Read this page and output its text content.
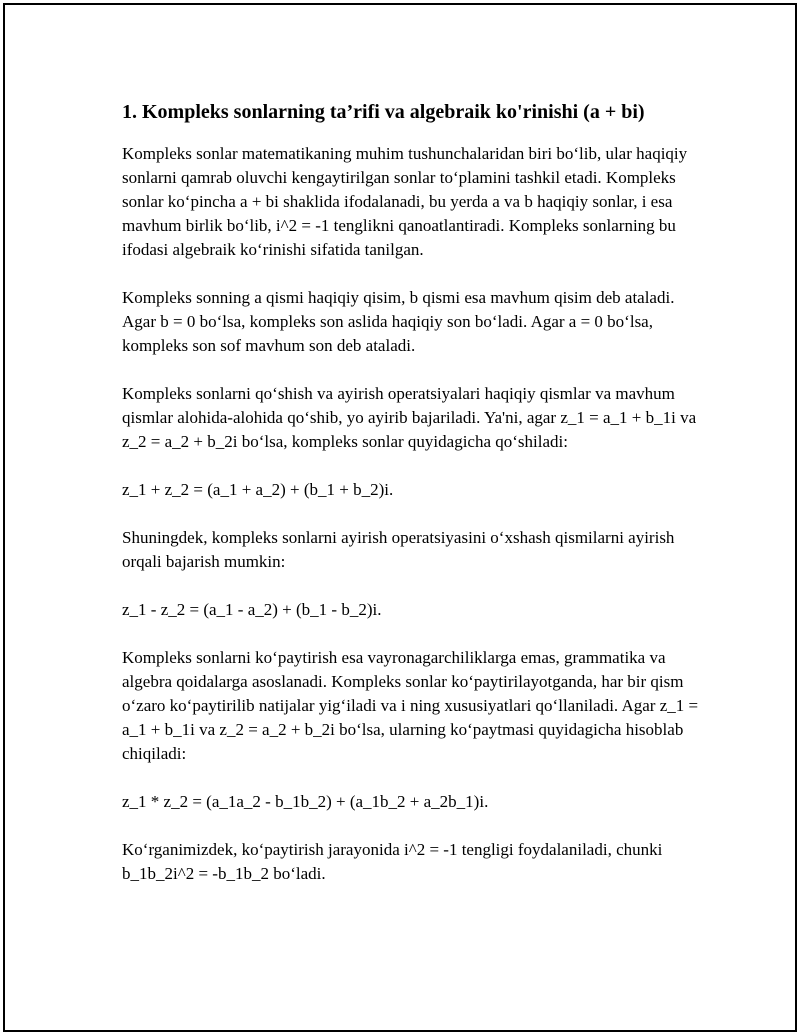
1. Kompleks sonlarning ta’rifi va algebraik ko'rinishi (a + bi)

Kompleks sonlar matematikaning muhim tushunchalaridan biri bo‘lib, ular haqiqiy sonlarni qamrab oluvchi kengaytirilgan sonlar to‘plamini tashkil etadi. Kompleks sonlar ko‘pincha a + bi shaklida ifodalanadi, bu yerda a va b haqiqiy sonlar, i esa mavhum birlik bo‘lib, i^2 = -1 tenglikni qanoatlantiradi. Kompleks sonlarning bu ifodasi algebraik ko‘rinishi sifatida tanilgan.

Kompleks sonning a qismi haqiqiy qisim, b qismi esa mavhum qisim deb ataladi. Agar b = 0 bo‘lsa, kompleks son aslida haqiqiy son bo‘ladi. Agar a = 0 bo‘lsa, kompleks son sof mavhum son deb ataladi.

Kompleks sonlarni qo‘shish va ayirish operatsiyalari haqiqiy qismlar va mavhum qismlar alohida-alohida qo‘shib, yo ayirib bajariladi. Ya'ni, agar z_1 = a_1 + b_1i va z_2 = a_2 + b_2i bo‘lsa, kompleks sonlar quyidagicha qo‘shiladi:

z_1 + z_2 = (a_1 + a_2) + (b_1 + b_2)i.

Shuningdek, kompleks sonlarni ayirish operatsiyasini o‘xshash qismilarni ayirish orqali bajarish mumkin:

z_1 - z_2 = (a_1 - a_2) + (b_1 - b_2)i.

Kompleks sonlarni ko‘paytirish esa vayronagarchiliklarga emas, grammatika va algebra qoidalarga asoslanadi. Kompleks sonlar ko‘paytirilayotganda, har bir qism o‘zaro ko‘paytirilib natijalar yig‘iladi va i ning xususiyatlari qo‘llaniladi. Agar z_1 = a_1 + b_1i va z_2 = a_2 + b_2i bo‘lsa, ularning ko‘paytmasi quyidagicha hisoblab chiqiladi:

z_1 * z_2 = (a_1a_2 - b_1b_2) + (a_1b_2 + a_2b_1)i.

Ko‘rganimizdek, ko‘paytirish jarayonida i^2 = -1 tengligi foydalaniladi, chunki b_1b_2i^2 = -b_1b_2 bo‘ladi.
